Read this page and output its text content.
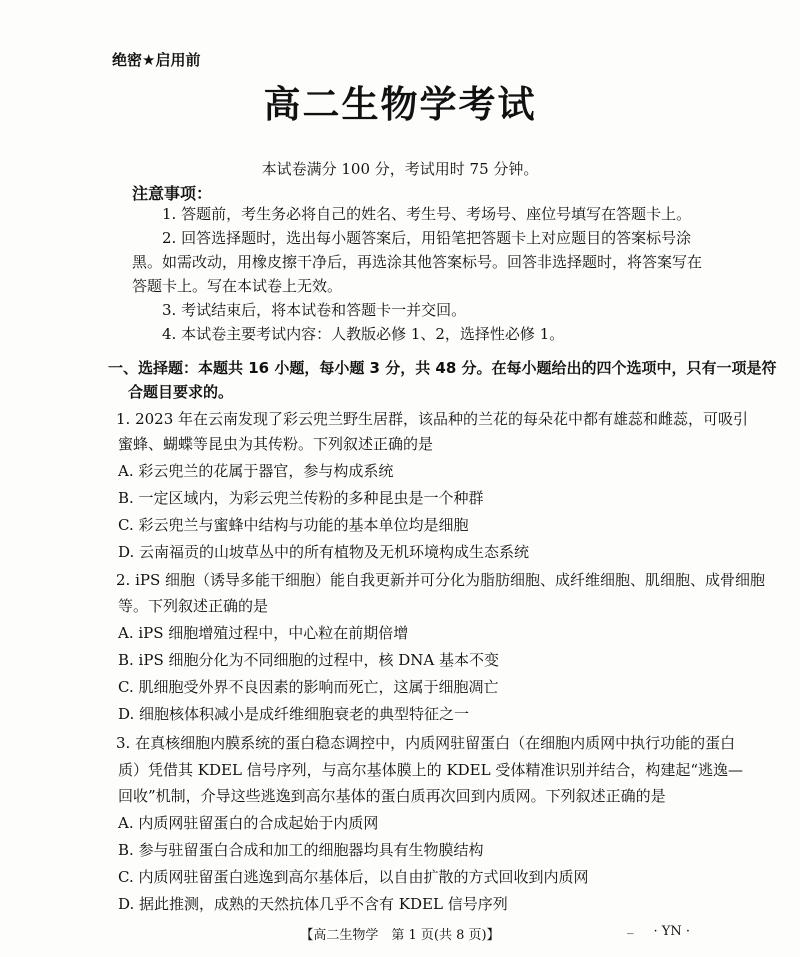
绝密★启用前
高二生物学考试
本试卷满分 100 分，考试用时 75 分钟。
注意事项：
1. 答题前，考生务必将自己的姓名、考生号、考场号、座位号填写在答题卡上。
2. 回答选择题时，选出每小题答案后，用铅笔把答题卡上对应题目的答案标号涂
黑。如需改动，用橡皮擦干净后，再选涂其他答案标号。回答非选择题时，将答案写在
答题卡上。写在本试卷上无效。
3. 考试结束后，将本试卷和答题卡一并交回。
4. 本试卷主要考试内容：人教版必修 1、2，选择性必修 1。
一、选择题：本题共 16 小题，每小题 3 分，共 48 分。在每小题给出的四个选项中，只有一项是符
合题目要求的。
1. 2023 年在云南发现了彩云兜兰野生居群，该品种的兰花的每朵花中都有雄蕊和雌蕊，可吸引
蜜蜂、蝴蝶等昆虫为其传粉。下列叙述正确的是
A. 彩云兜兰的花属于器官，参与构成系统
B. 一定区域内，为彩云兜兰传粉的多种昆虫是一个种群
C. 彩云兜兰与蜜蜂中结构与功能的基本单位均是细胞
D. 云南福贡的山坡草丛中的所有植物及无机环境构成生态系统
2. iPS 细胞（诱导多能干细胞）能自我更新并可分化为脂肪细胞、成纤维细胞、肌细胞、成骨细胞
等。下列叙述正确的是
A. iPS 细胞增殖过程中，中心粒在前期倍增
B. iPS 细胞分化为不同细胞的过程中，核 DNA 基本不变
C. 肌细胞受外界不良因素的影响而死亡，这属于细胞凋亡
D. 细胞核体积减小是成纤维细胞衰老的典型特征之一
3. 在真核细胞内膜系统的蛋白稳态调控中，内质网驻留蛋白（在细胞内质网中执行功能的蛋白
质）凭借其 KDEL 信号序列，与高尔基体膜上的 KDEL 受体精准识别并结合，构建起“逃逸—
回收”机制，介导这些逃逸到高尔基体的蛋白质再次回到内质网。下列叙述正确的是
A. 内质网驻留蛋白的合成起始于内质网
B. 参与驻留蛋白合成和加工的细胞器均具有生物膜结构
C. 内质网驻留蛋白逃逸到高尔基体后，以自由扩散的方式回收到内质网
D. 据此推测，成熟的天然抗体几乎不含有 KDEL 信号序列
【高二生物学　第 1 页(共 8 页)】
_ · YN ·
